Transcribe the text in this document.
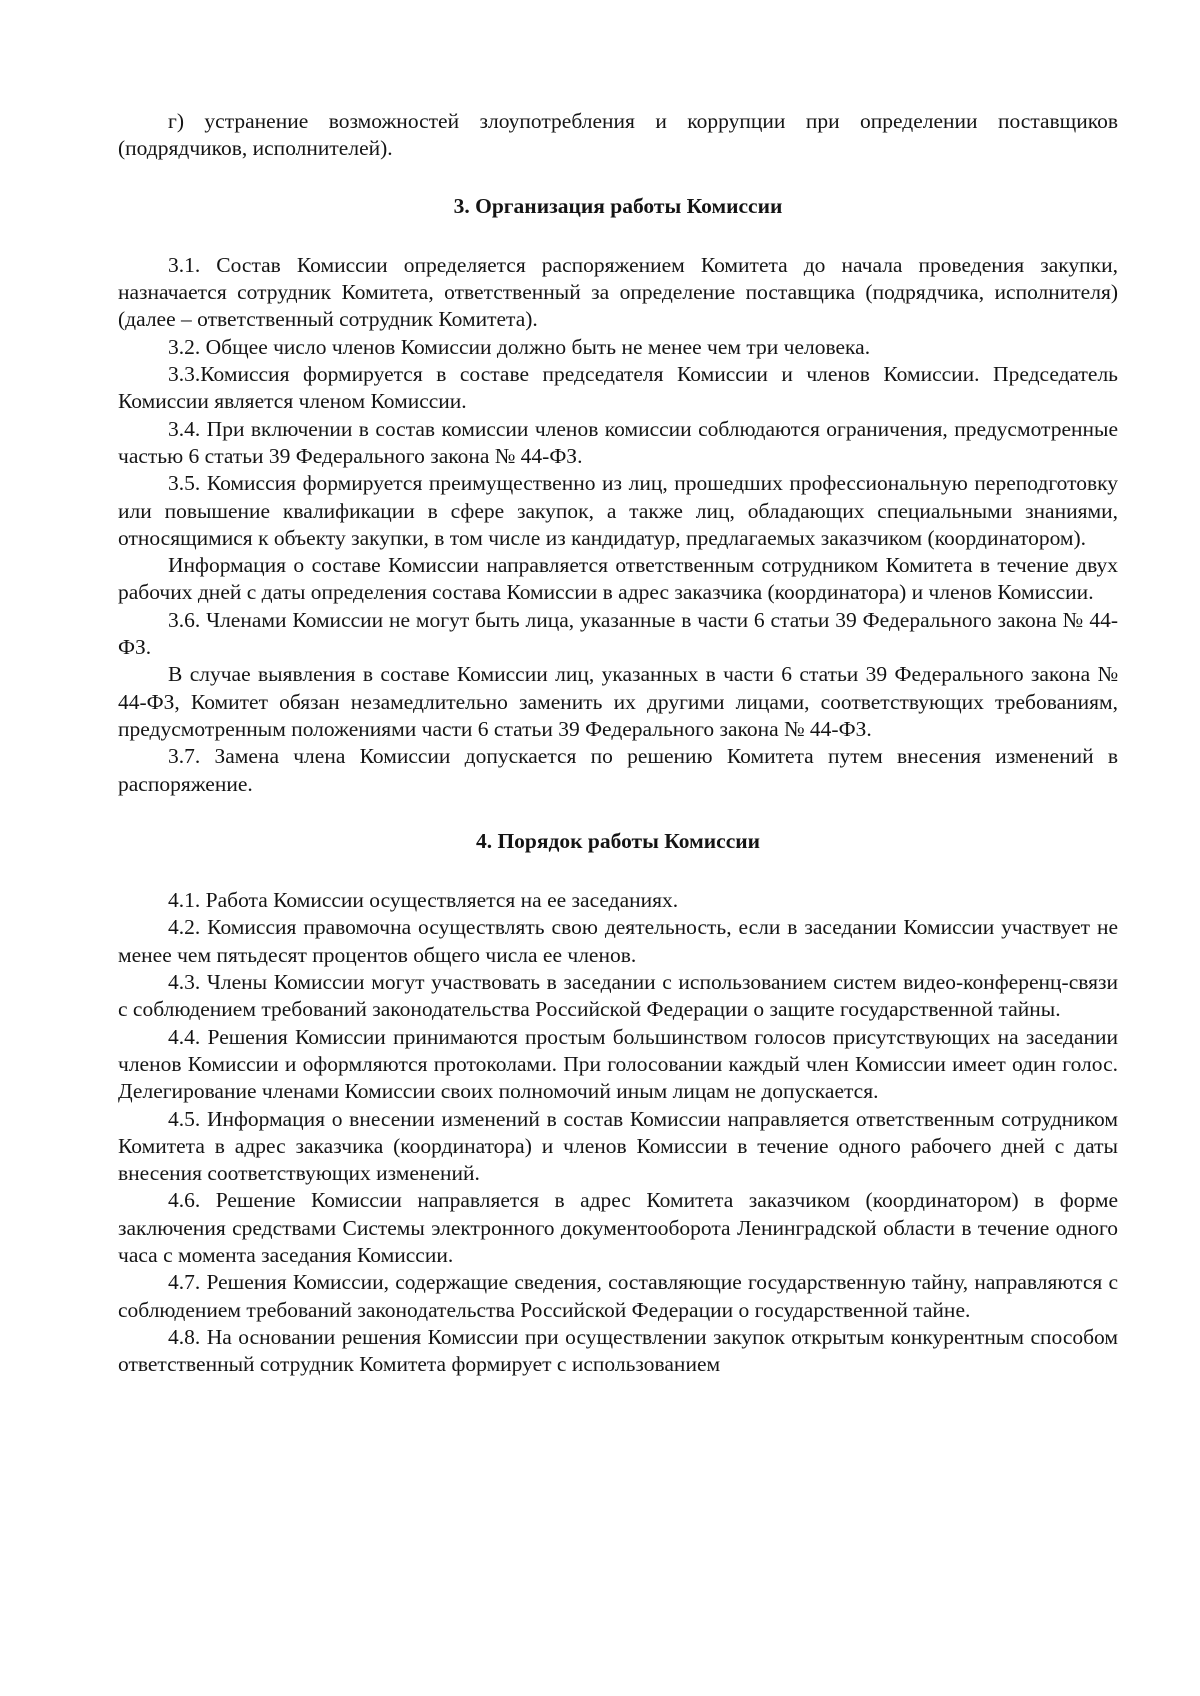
г) устранение возможностей злоупотребления и коррупции при определении поставщиков (подрядчиков, исполнителей).

3. Организация работы Комиссии

3.1. Состав Комиссии определяется распоряжением Комитета до начала проведения закупки, назначается сотрудник Комитета, ответственный за определение поставщика (подрядчика, исполнителя) (далее – ответственный сотрудник Комитета).

3.2. Общее число членов Комиссии должно быть не менее чем три человека.

3.3.Комиссия формируется в составе председателя Комиссии и членов Комиссии. Председатель Комиссии является членом Комиссии.

3.4. При включении в состав комиссии членов комиссии соблюдаются ограничения, предусмотренные частью 6 статьи 39 Федерального закона № 44-ФЗ.

3.5. Комиссия формируется преимущественно из лиц, прошедших профессиональную переподготовку или повышение квалификации в сфере закупок, а также лиц, обладающих специальными знаниями, относящимися к объекту закупки, в том числе из кандидатур, предлагаемых заказчиком (координатором).

Информация о составе Комиссии направляется ответственным сотрудником Комитета в течение двух рабочих дней с даты определения состава Комиссии в адрес заказчика (координатора) и членов Комиссии.

3.6. Членами Комиссии не могут быть лица, указанные в части 6 статьи 39 Федерального закона № 44-ФЗ.

В случае выявления в составе Комиссии лиц, указанных в части 6 статьи 39 Федерального закона № 44-ФЗ, Комитет обязан незамедлительно заменить их другими лицами, соответствующих требованиям, предусмотренным положениями части 6 статьи 39 Федерального закона № 44-ФЗ.

3.7. Замена члена Комиссии допускается по решению Комитета путем внесения изменений в распоряжение.

4. Порядок работы Комиссии

4.1. Работа Комиссии осуществляется на ее заседаниях.

4.2. Комиссия правомочна осуществлять свою деятельность, если в заседании Комиссии участвует не менее чем пятьдесят процентов общего числа ее членов.

4.3. Члены Комиссии могут участвовать в заседании с использованием систем видео-конференц-связи с соблюдением требований законодательства Российской Федерации о защите государственной тайны.

4.4. Решения Комиссии принимаются простым большинством голосов присутствующих на заседании членов Комиссии и оформляются протоколами. При голосовании каждый член Комиссии имеет один голос. Делегирование членами Комиссии своих полномочий иным лицам не допускается.

4.5. Информация о внесении изменений в состав Комиссии направляется ответственным сотрудником Комитета в адрес заказчика (координатора) и членов Комиссии в течение одного рабочего дней с даты внесения соответствующих изменений.

4.6. Решение Комиссии направляется в адрес Комитета заказчиком (координатором) в форме заключения средствами Системы электронного документооборота Ленинградской области в течение одного часа с момента заседания Комиссии.

4.7. Решения Комиссии, содержащие сведения, составляющие государственную тайну, направляются с соблюдением требований законодательства Российской Федерации о государственной тайне.

4.8. На основании решения Комиссии при осуществлении закупок открытым конкурентным способом ответственный сотрудник Комитета формирует с использованием
